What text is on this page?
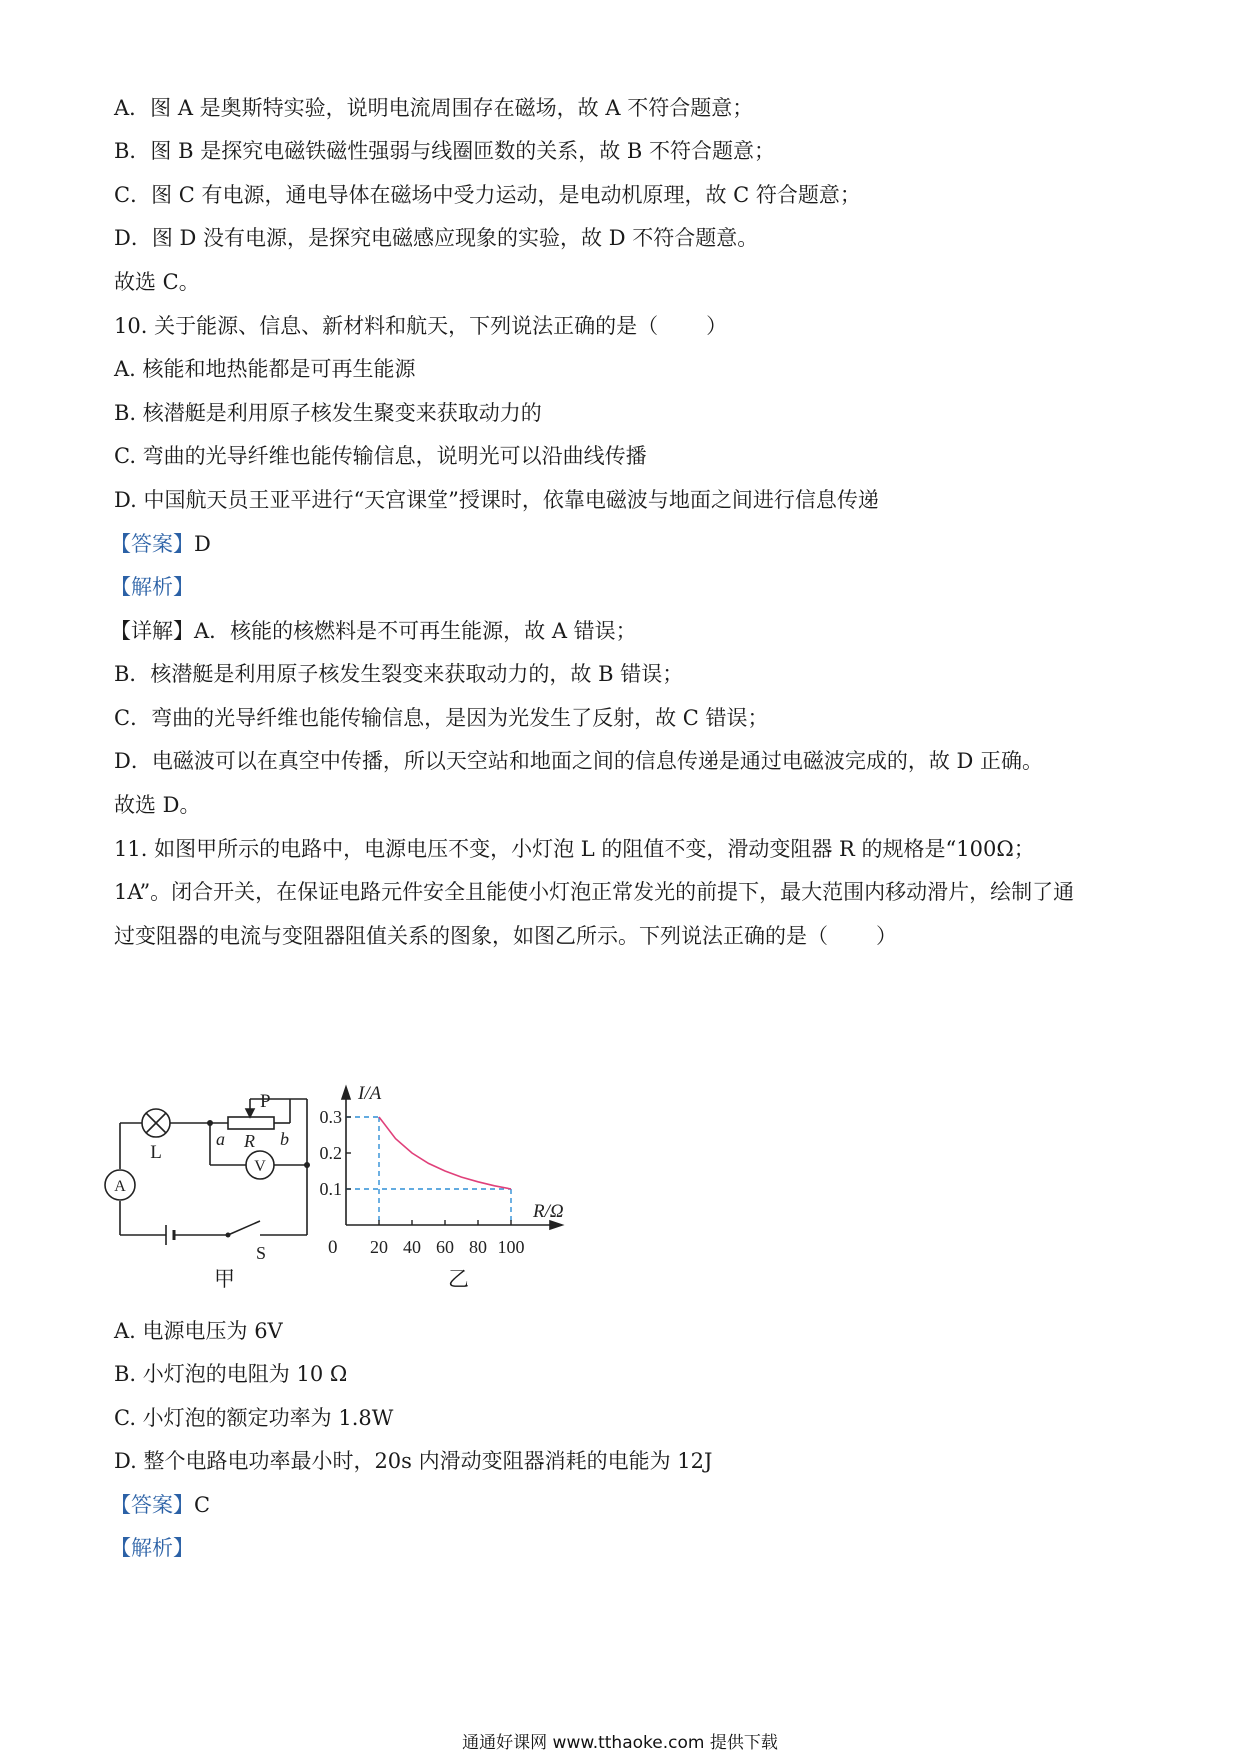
A．图 A 是奥斯特实验，说明电流周围存在磁场，故 A 不符合题意；
B．图 B 是探究电磁铁磁性强弱与线圈匝数的关系，故 B 不符合题意；
C．图 C 有电源，通电导体在磁场中受力运动，是电动机原理，故 C 符合题意；
D．图 D 没有电源，是探究电磁感应现象的实验，故 D 不符合题意。
故选 C。
10. 关于能源、信息、新材料和航天，下列说法正确的是（ ）
A. 核能和地热能都是可再生能源
B. 核潜艇是利用原子核发生聚变来获取动力的
C. 弯曲的光导纤维也能传输信息，说明光可以沿曲线传播
D. 中国航天员王亚平进行“天宫课堂”授课时，依靠电磁波与地面之间进行信息传递
【答案】D
【解析】
【详解】A．核能的核燃料是不可再生能源，故 A 错误；
B．核潜艇是利用原子核发生裂变来获取动力的，故 B 错误；
C．弯曲的光导纤维也能传输信息，是因为光发生了反射，故 C 错误；
D．电磁波可以在真空中传播，所以天空站和地面之间的信息传递是通过电磁波完成的，故 D 正确。
故选 D。
11. 如图甲所示的电路中，电源电压不变，小灯泡 L 的阻值不变，滑动变阻器 R 的规格是“100Ω；
1A”。闭合开关，在保证电路元件安全且能使小灯泡正常发光的前提下，最大范围内移动滑片，绘制了通
过变阻器的电流与变阻器阻值关系的图象，如图乙所示。下列说法正确的是（ ）
A
V
L
P
a R b
S
甲
0.1
0.2
0.3
20 40 60 80 100
I/A
R/Ω
0
乙
A. 电源电压为 6V
B. 小灯泡的电阻为 10 Ω
C. 小灯泡的额定功率为 1.8W
D. 整个电路电功率最小时，20s 内滑动变阻器消耗的电能为 12J
【答案】C
【解析】
通通好课网 www.tthaoke.com 提供下载
